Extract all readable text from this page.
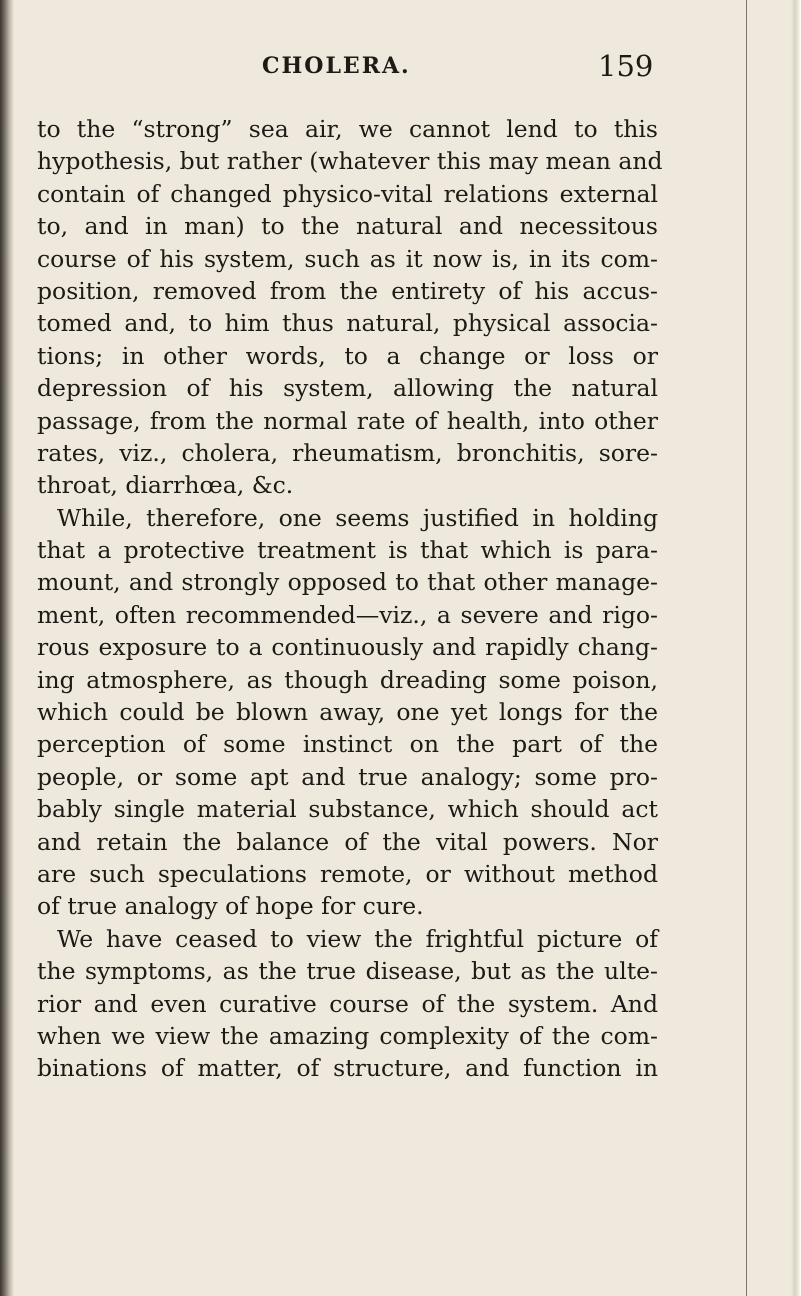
CHOLERA.	159
to the “strong” sea air, we cannot lend to this
hypothesis, but rather (whatever this may mean and
contain of changed physico-vital relations external
to, and in man) to the natural and necessitous
course of his system, such as it now is, in its com-
position, removed from the entirety of his accus-
tomed and, to him thus natural, physical associa-
tions; in other words, to a change or loss or
depression of his system, allowing the natural
passage, from the normal rate of health, into other
rates, viz., cholera, rheumatism, bronchitis, sore-
throat, diarrhœa, &c.
While, therefore, one seems justified in holding
that a protective treatment is that which is para-
mount, and strongly opposed to that other manage-
ment, often recommended—viz., a severe and rigo-
rous exposure to a continuously and rapidly chang-
ing atmosphere, as though dreading some poison,
which could be blown away, one yet longs for the
perception of some instinct on the part of the
people, or some apt and true analogy; some pro-
bably single material substance, which should act
and retain the balance of the vital powers. Nor
are such speculations remote, or without method
of true analogy of hope for cure.
We have ceased to view the frightful picture of
the symptoms, as the true disease, but as the ulte-
rior and even curative course of the system. And
when we view the amazing complexity of the com-
binations of matter, of structure, and function in
